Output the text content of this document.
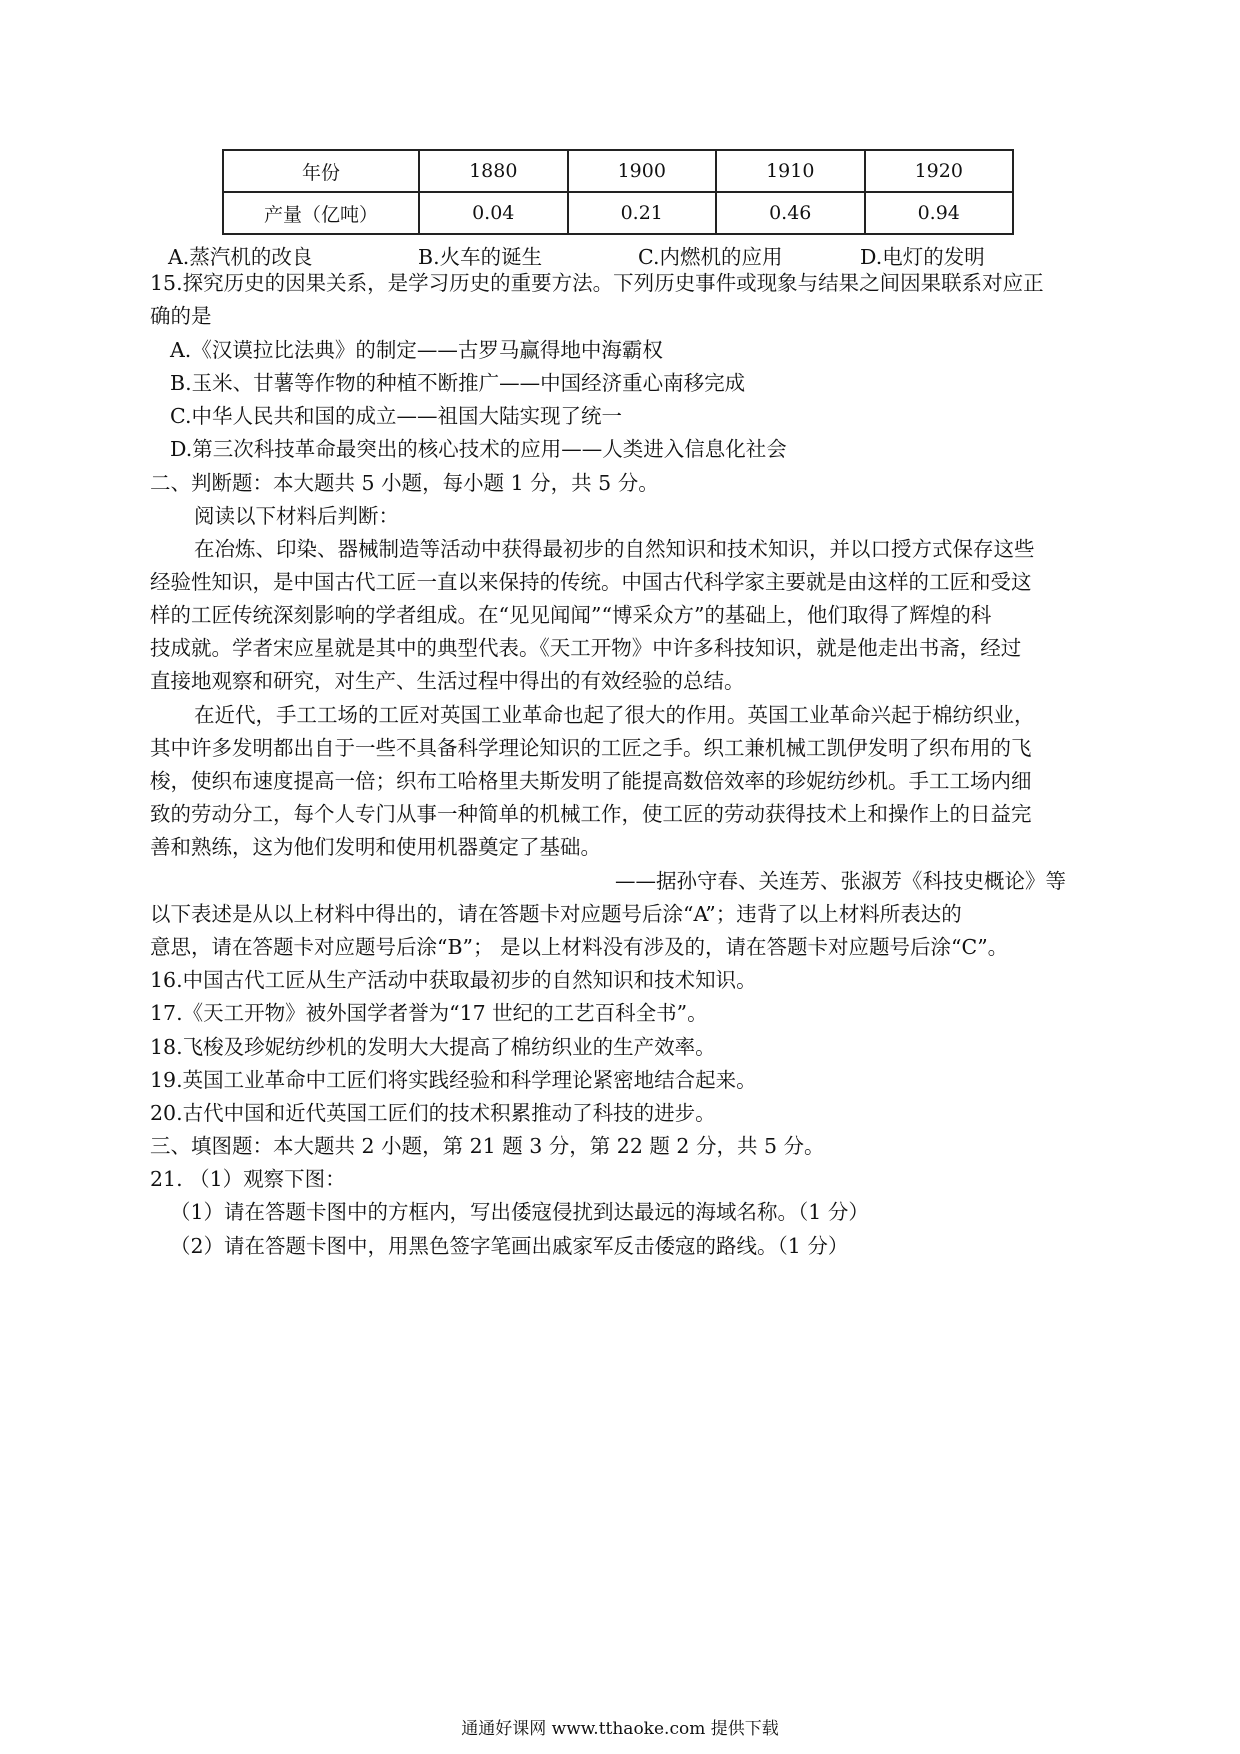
年份	1880	1900	1910	1920
产量（亿吨）	0.04	0.21	0.46	0.94
A.蒸汽机的改良	B.火车的诞生	C.内燃机的应用	D.电灯的发明
15.探究历史的因果关系，是学习历史的重要方法。下列历史事件或现象与结果之间因果联系对应正
确的是
A.《汉谟拉比法典》的制定——古罗马赢得地中海霸权
B.玉米、甘薯等作物的种植不断推广——中国经济重心南移完成
C.中华人民共和国的成立——祖国大陆实现了统一
D.第三次科技革命最突出的核心技术的应用——人类进入信息化社会
二、判断题：本大题共 5 小题，每小题 1 分，共 5 分。
阅读以下材料后判断：
在冶炼、印染、器械制造等活动中获得最初步的自然知识和技术知识，并以口授方式保存这些
经验性知识，是中国古代工匠一直以来保持的传统。中国古代科学家主要就是由这样的工匠和受这
样的工匠传统深刻影响的学者组成。在“见见闻闻”“博采众方”的基础上，他们取得了辉煌的科
技成就。学者宋应星就是其中的典型代表。《天工开物》中许多科技知识，就是他走出书斋，经过
直接地观察和研究，对生产、生活过程中得出的有效经验的总结。
在近代，手工工场的工匠对英国工业革命也起了很大的作用。英国工业革命兴起于棉纺织业，
其中许多发明都出自于一些不具备科学理论知识的工匠之手。织工兼机械工凯伊发明了织布用的飞
梭，使织布速度提高一倍；织布工哈格里夫斯发明了能提高数倍效率的珍妮纺纱机。手工工场内细
致的劳动分工，每个人专门从事一种简单的机械工作，使工匠的劳动获得技术上和操作上的日益完
善和熟练，这为他们发明和使用机器奠定了基础。
——据孙守春、关连芳、张淑芳《科技史概论》等
以下表述是从以上材料中得出的，请在答题卡对应题号后涂“A”；违背了以上材料所表达的
意思，请在答题卡对应题号后涂“B”； 是以上材料没有涉及的，请在答题卡对应题号后涂“C”。
16.中国古代工匠从生产活动中获取最初步的自然知识和技术知识。
17.《天工开物》被外国学者誉为“17 世纪的工艺百科全书”。
18.飞梭及珍妮纺纱机的发明大大提高了棉纺织业的生产效率。
19.英国工业革命中工匠们将实践经验和科学理论紧密地结合起来。
20.古代中国和近代英国工匠们的技术积累推动了科技的进步。
三、填图题：本大题共 2 小题，第 21 题 3 分，第 22 题 2 分，共 5 分。
21. （1）观察下图：
（1）请在答题卡图中的方框内，写出倭寇侵扰到达最远的海域名称。（1 分）
（2）请在答题卡图中，用黑色签字笔画出戚家军反击倭寇的路线。（1 分）
通通好课网 www.tthaoke.com 提供下载
